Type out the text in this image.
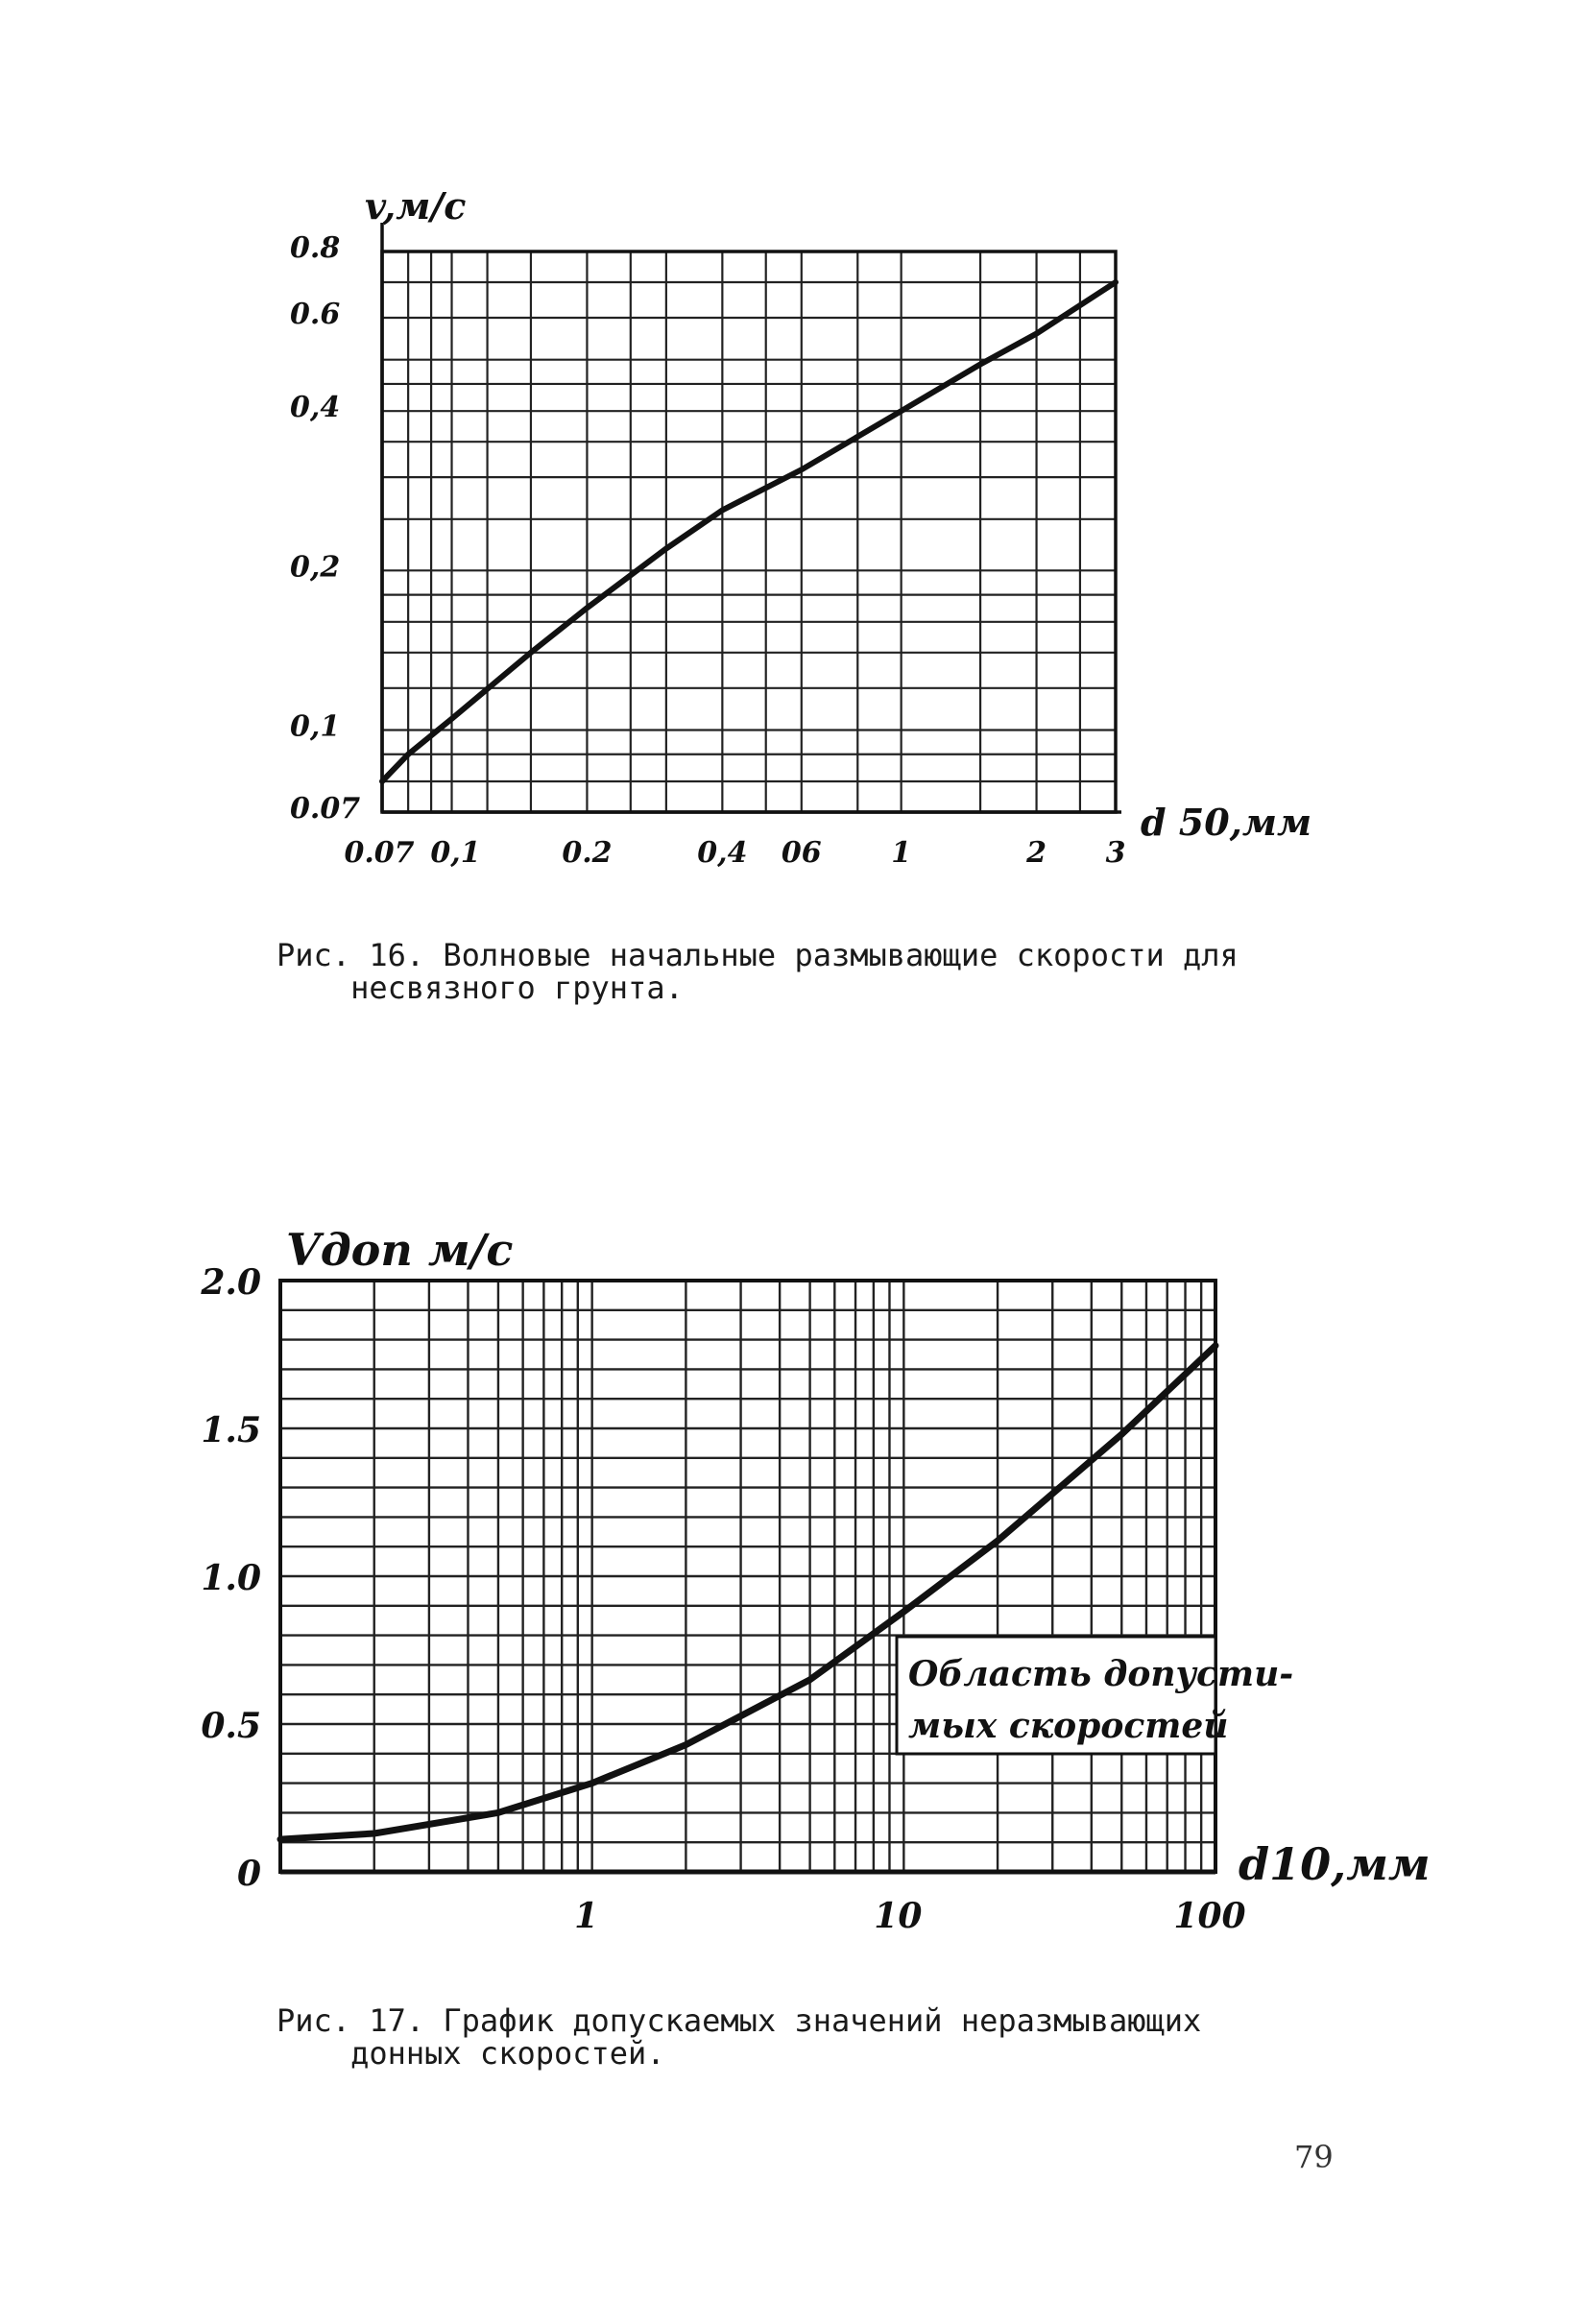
0.07
0,1
0,2
0,4
0.6
0.8
0.07 0,1	0.2	0,4 06 1	2 3
v,м/с
d 50,мм
0
0.5
1.0
1.5
2.0
1	10	100
Область допусти-
мых скоростей
Vдоп м/с
d10,мм
Рис. 16. Волновые начальные размывающие скорости для
несвязного грунта.
Рис. 17. График допускаемых значений неразмывающих
донных скоростей.
79
